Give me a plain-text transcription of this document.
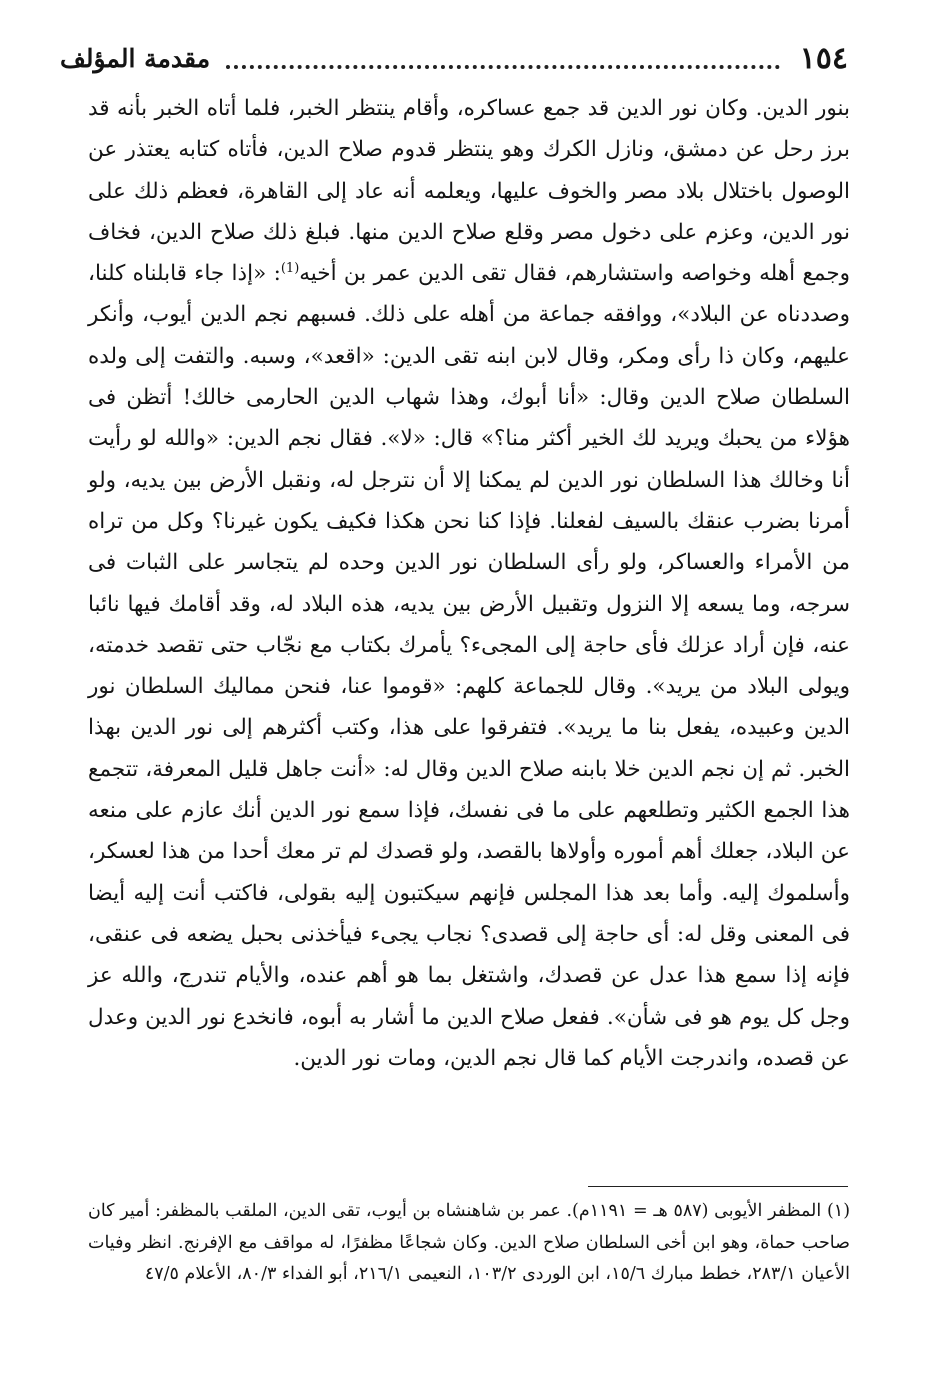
١٥٤
مقدمة المؤلف

بنور الدين. وكان نور الدين قد جمع عساكره، وأقام ينتظر الخبر، فلما أتاه الخبر بأنه قد برز رحل عن دمشق، ونازل الكرك وهو ينتظر قدوم صلاح الدين، فأتاه كتابه يعتذر عن الوصول باختلال بلاد مصر والخوف عليها، ويعلمه أنه عاد إلى القاهرة، فعظم ذلك على نور الدين، وعزم على دخول مصر وقلع صلاح الدين منها. فبلغ ذلك صلاح الدين، فخاف وجمع أهله وخواصه واستشارهم، فقال تقى الدين عمر بن أخيه$^{(1)}$: «إذا جاء قابلناه كلنا، وصددناه عن البلاد»، ووافقه جماعة من أهله على ذلك. فسبهم نجم الدين أيوب، وأنكر عليهم، وكان ذا رأى ومكر، وقال لابن ابنه تقى الدين: «اقعد»، وسبه. والتفت إلى ولده السلطان صلاح الدين وقال: «أنا أبوك، وهذا شهاب الدين الحارمى خالك! أتظن فى هؤلاء من يحبك ويريد لك الخير أكثر منا؟» قال: «لا». فقال نجم الدين: «والله لو رأيت أنا وخالك هذا السلطان نور الدين لم يمكنا إلا أن نترجل له، ونقبل الأرض بين يديه، ولو أمرنا بضرب عنقك بالسيف لفعلنا. فإذا كنا نحن هكذا فكيف يكون غيرنا؟ وكل من تراه من الأمراء والعساكر، ولو رأى السلطان نور الدين وحده لم يتجاسر على الثبات فى سرجه، وما يسعه إلا النزول وتقبيل الأرض بين يديه، هذه البلاد له، وقد أقامك فيها نائبا عنه، فإن أراد عزلك فأى حاجة إلى المجىء؟ يأمرك بكتاب مع نجّاب حتى تقصد خدمته، ويولى البلاد من يريد». وقال للجماعة كلهم: «قوموا عنا، فنحن مماليك السلطان نور الدين وعبيده، يفعل بنا ما يريد». فتفرقوا على هذا، وكتب أكثرهم إلى نور الدين بهذا الخبر. ثم إن نجم الدين خلا بابنه صلاح الدين وقال له: «أنت جاهل قليل المعرفة، تتجمع هذا الجمع الكثير وتطلعهم على ما فى نفسك، فإذا سمع نور الدين أنك عازم على منعه عن البلاد، جعلك أهم أموره وأولاها بالقصد، ولو قصدك لم تر معك أحدا من هذا لعسكر، وأسلموك إليه. وأما بعد هذا المجلس فإنهم سيكتبون إليه بقولى، فاكتب أنت إليه أيضا فى المعنى وقل له: أى حاجة إلى قصدى؟ نجاب يجىء فيأخذنى بحبل يضعه فى عنقى، فإنه إذا سمع هذا عدل عن قصدك، واشتغل بما هو أهم عنده، والأيام تندرج، والله عز وجل كل يوم هو فى شأن». ففعل صلاح الدين ما أشار به أبوه، فانخدع نور الدين وعدل عن قصده، واندرجت الأيام كما قال نجم الدين، ومات نور الدين.

(١) المظفر الأيوبى (٥٨٧ هـ = ١١٩١م). عمر بن شاهنشاه بن أيوب، تقى الدين، الملقب بالمظفر: أمير كان صاحب حماة، وهو ابن أخى السلطان صلاح الدين. وكان شجاعًا مظفرًا، له مواقف مع الإفرنج. انظر وفيات الأعيان ٢٨٣/١، خطط مبارك ١٥/٦، ابن الوردى ١٠٣/٢، النعيمى ٢١٦/١، أبو الفداء ٨٠/٣، الأعلام ٤٧/٥
